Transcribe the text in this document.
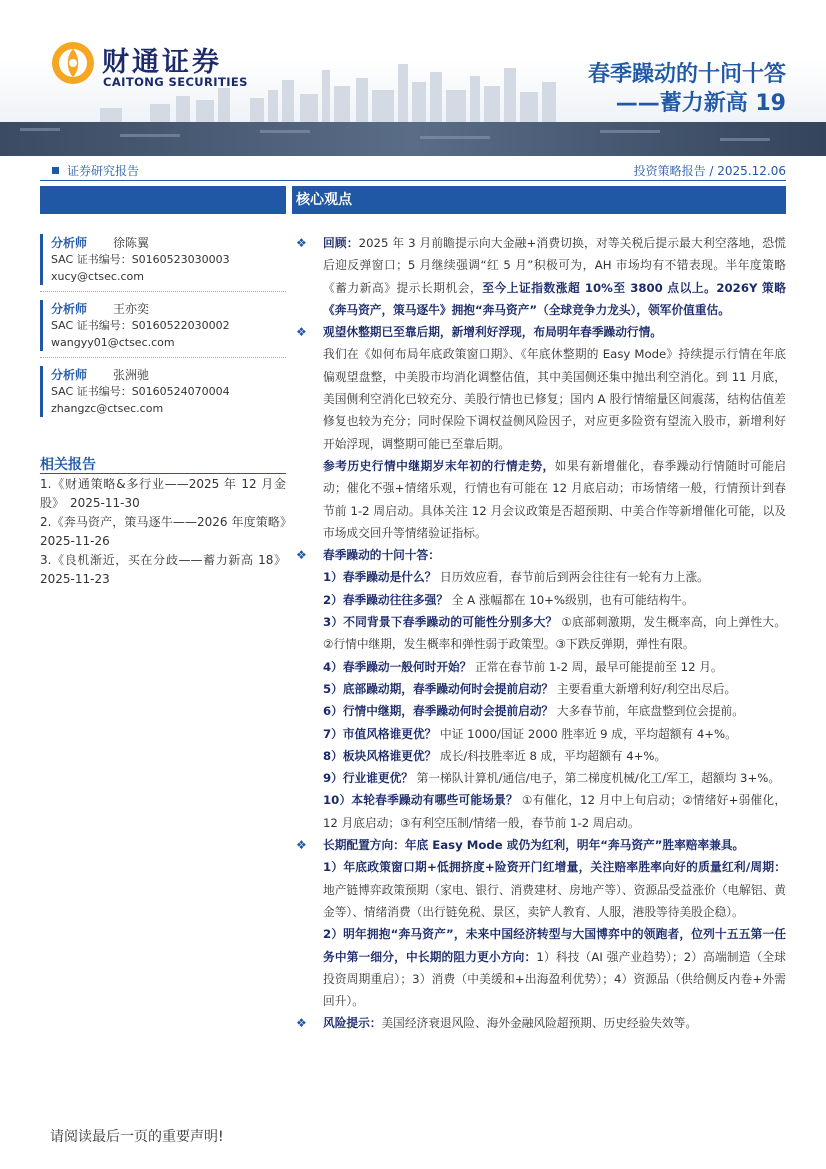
财通证券
CAITONG SECURITIES	春季躁动的十问十答
——蓄力新高 19
证券研究报告	投资策略报告 / 2025.12.06
分析师 徐陈翼
SAC 证书编号：S0160523030003
xucy@ctsec.com
分析师 王亦奕
SAC 证书编号：S0160522030002
wangyy01@ctsec.com
分析师 张洲驰
SAC 证书编号：S0160524070004
zhangzc@ctsec.com
相关报告
1.《财通策略&多行业——2025 年 12 月金股》　2025-11-30
2.《奔马资产，策马逐牛——2026 年度策略》　2025-11-26
3.《良机渐近，买在分歧——蓄力新高 18》 2025-11-23
核心观点
❖ 回顾：2025 年 3 月前瞻提示向大金融+消费切换，对等关税后提示最大利空落地，恐慌后迎反弹窗口；5 月继续强调“红 5 月”积极可为，AH 市场均有不错表现。半年度策略《蓄力新高》提示长期机会，至今上证指数涨超 10%至 3800 点以上。2026Y 策略《奔马资产，策马逐牛》拥抱“奔马资产”（全球竞争力龙头），领军价值重估。
❖ 观望休整期已至靠后期，新增利好浮现，布局明年春季躁动行情。
我们在《如何布局年底政策窗口期》、《年底休整期的 Easy Mode》持续提示行情在年底偏观望盘整，中美股市均消化调整估值，其中美国侧还集中抛出利空消化。到 11 月底，美国侧利空消化已较充分、美股行情也已修复；国内 A 股行情缩量区间震荡，结构估值差修复也较为充分；同时保险下调权益侧风险因子，对应更多险资有望流入股市，新增利好开始浮现，调整期可能已至靠后期。
参考历史行情中继期岁末年初的行情走势，如果有新增催化，春季躁动行情随时可能启动；催化不强+情绪乐观，行情也有可能在 12 月底启动；市场情绪一般，行情预计到春节前 1-2 周启动。具体关注 12 月会议政策是否超预期、中美合作等新增催化可能，以及市场成交回升等情绪验证指标。
❖ 春季躁动的十问十答：
1）春季躁动是什么？ 日历效应看，春节前后到两会往往有一轮有力上涨。
2）春季躁动往往多强？ 全 A 涨幅都在 10+%级别，也有可能结构牛。
3）不同背景下春季躁动的可能性分别多大？ ①底部刺激期，发生概率高，向上弹性大。②行情中继期，发生概率和弹性弱于政策型。③下跌反弹期，弹性有限。
4）春季躁动一般何时开始？ 正常在春节前 1-2 周，最早可能提前至 12 月。
5）底部躁动期，春季躁动何时会提前启动？ 主要看重大新增利好/利空出尽后。
6）行情中继期，春季躁动何时会提前启动？ 大多春节前，年底盘整到位会提前。
7）市值风格谁更优？ 中证 1000/国证 2000 胜率近 9 成，平均超额有 4+%。
8）板块风格谁更优？ 成长/科技胜率近 8 成，平均超额有 4+%。
9）行业谁更优？ 第一梯队计算机/通信/电子，第二梯度机械/化工/军工，超额均 3+%。
10）本轮春季躁动有哪些可能场景？ ①有催化，12 月中上旬启动；②情绪好+弱催化，12 月底启动；③有利空压制/情绪一般，春节前 1-2 周启动。
❖ 长期配置方向：年底 Easy Mode 或仍为红利，明年“奔马资产”胜率赔率兼具。
1）年底政策窗口期+低拥挤度+险资开门红增量，关注赔率胜率向好的质量红利/周期：地产链博弈政策预期（家电、银行、消费建材、房地产等）、资源品受益涨价（电解铝、黄金等）、情绪消费（出行链免税、景区，卖铲人教育、人服，港股等待美股企稳）。
2）明年拥抱“奔马资产”，未来中国经济转型与大国博弈中的领跑者，位列十五五第一任务中第一细分，中长期的阻力更小方向：1）科技（AI 强产业趋势）；2）高端制造（全球投资周期重启）；3）消费（中美缓和+出海盈利优势）；4）资源品（供给侧反内卷+外需回升）。
❖ 风险提示：美国经济衰退风险、海外金融风险超预期、历史经验失效等。
请阅读最后一页的重要声明!
